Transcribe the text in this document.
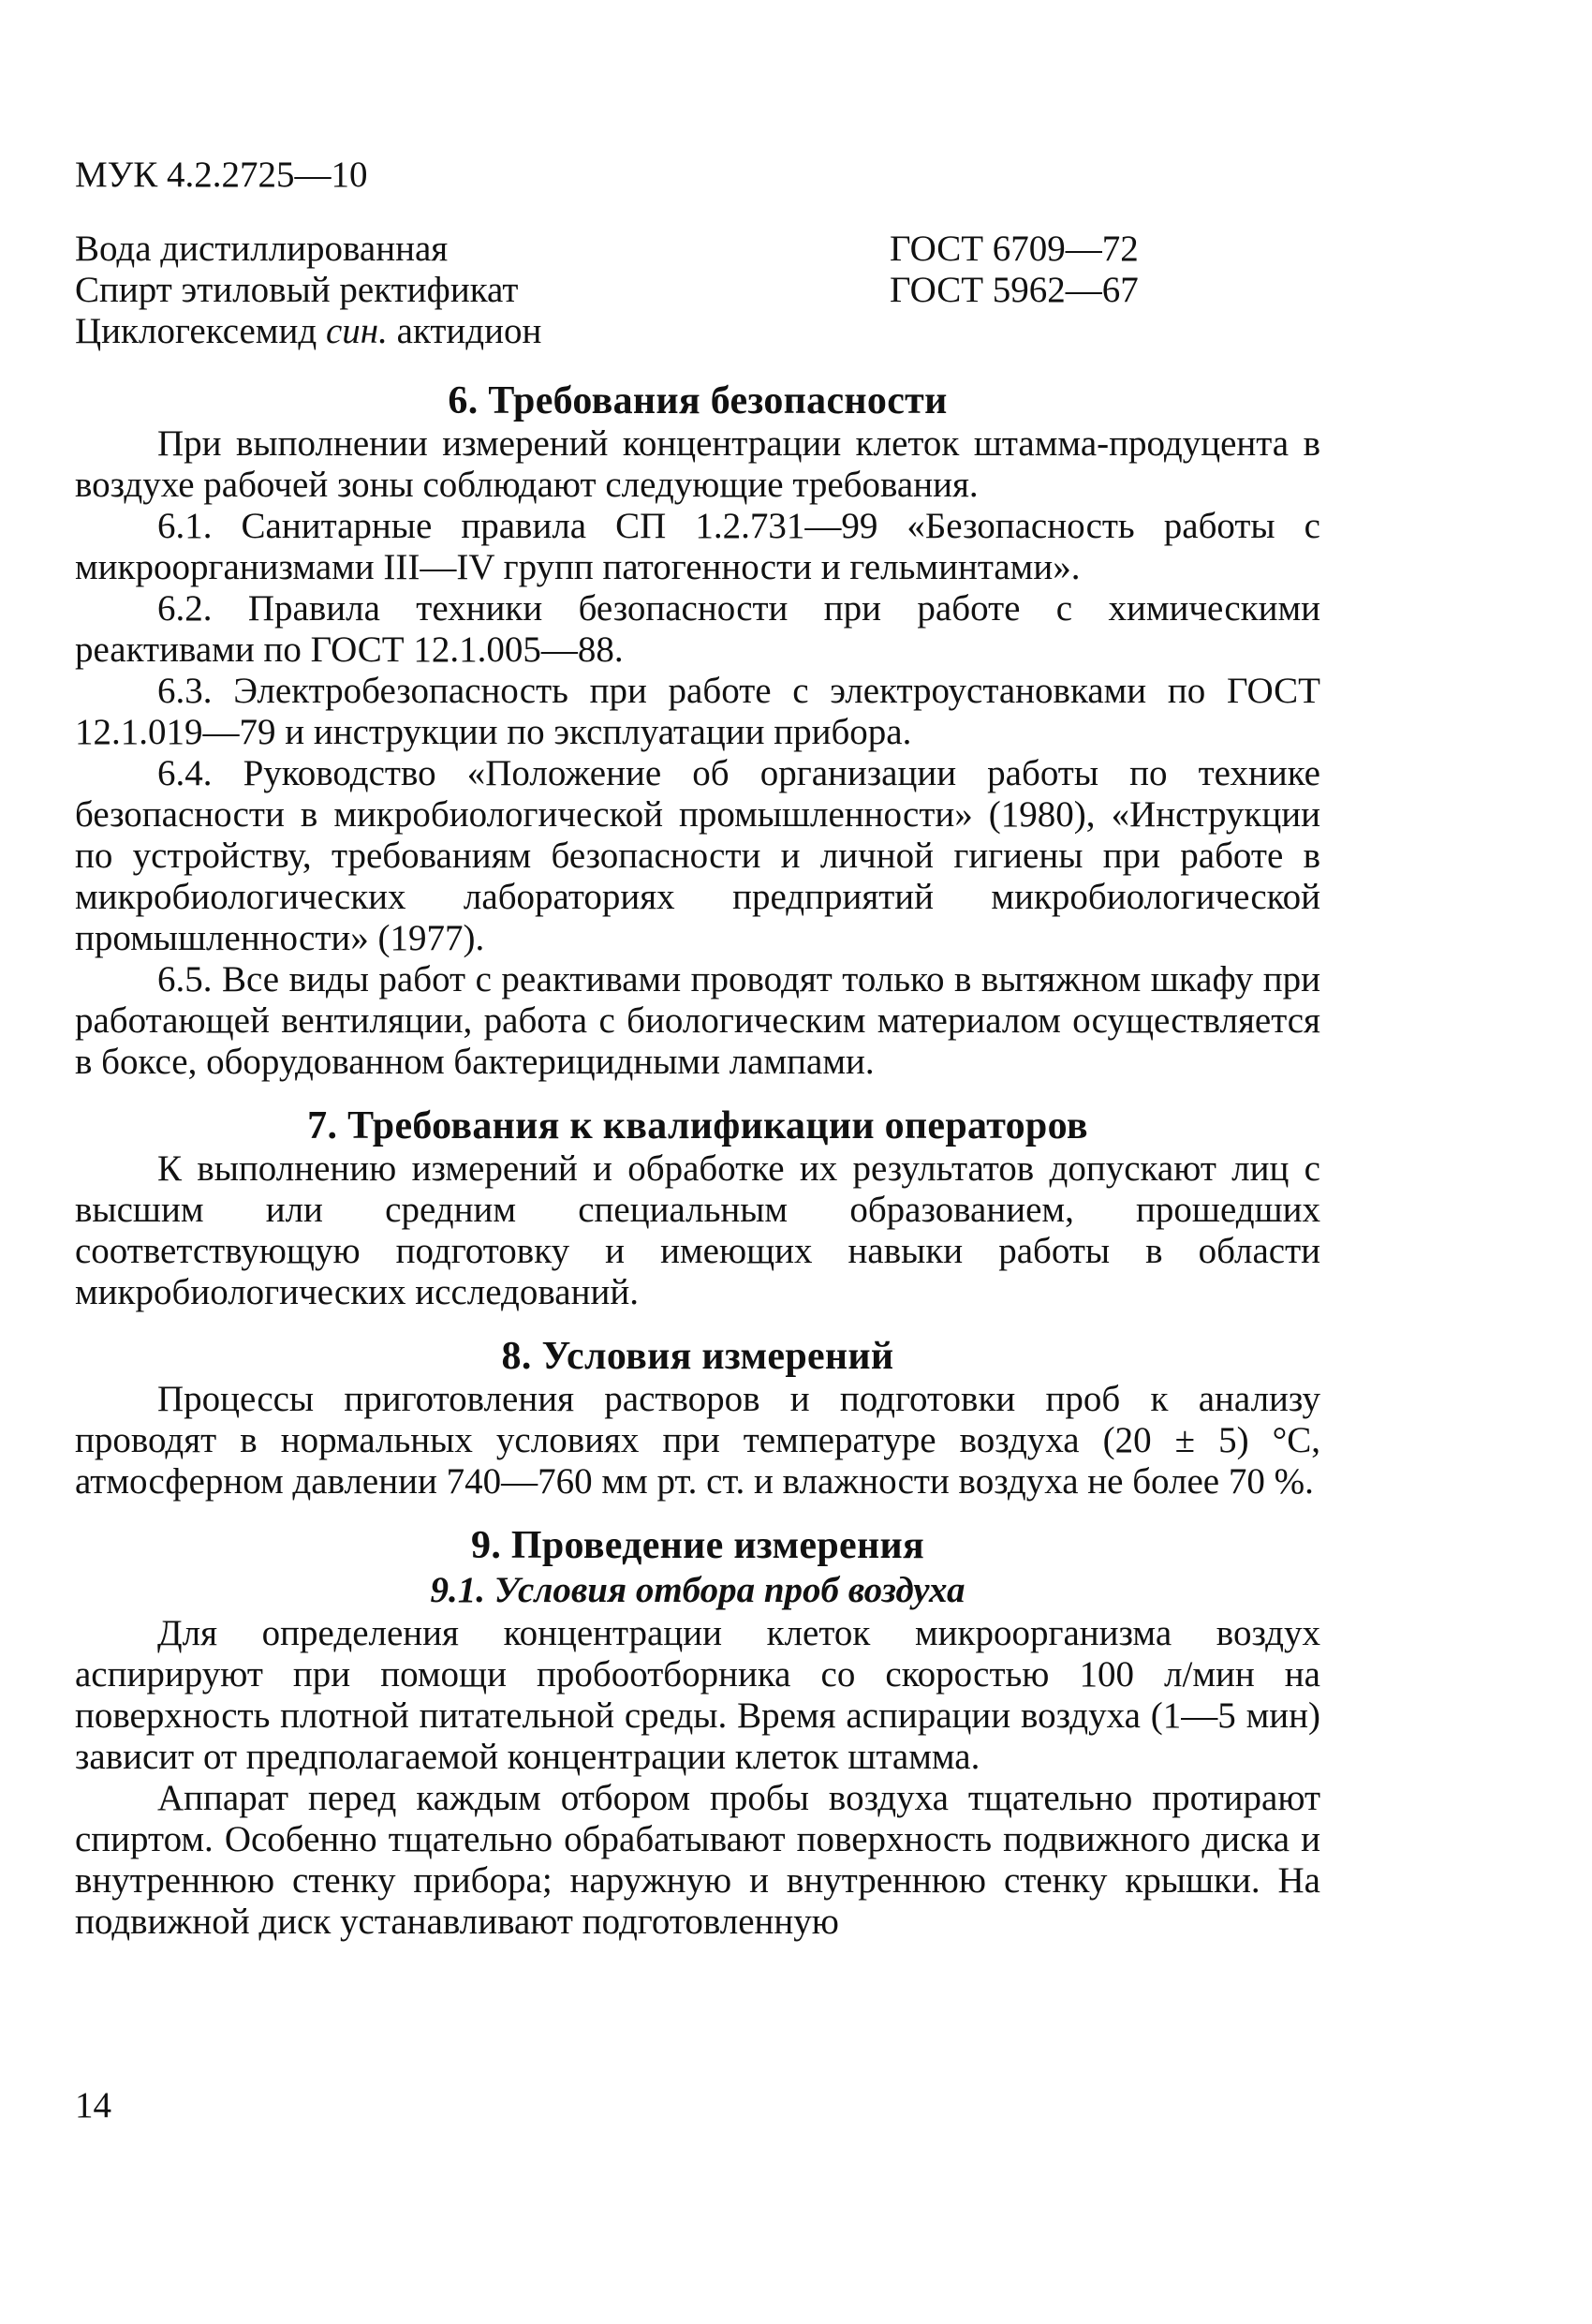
МУК 4.2.2725—10
Вода дистиллированная	ГОСТ 6709—72
Спирт этиловый ректификат	ГОСТ 5962—67
Циклогексемид син. актидион
6. Требования безопасности

При выполнении измерений концентрации клеток штамма-продуцента в воздухе рабочей зоны соблюдают следующие требования.

6.1. Санитарные правила СП 1.2.731—99 «Безопасность работы с микроорганизмами III—IV групп патогенности и гельминтами».

6.2. Правила техники безопасности при работе с химическими реактивами по ГОСТ 12.1.005—88.

6.3. Электробезопасность при работе с электроустановками по ГОСТ 12.1.019—79 и инструкции по эксплуатации прибора.

6.4. Руководство «Положение об организации работы по технике безопасности в микробиологической промышленности» (1980), «Инструкции по устройству, требованиям безопасности и личной гигиены при работе в микробиологических лабораториях предприятий микробиологической промышленности» (1977).

6.5. Все виды работ с реактивами проводят только в вытяжном шкафу при работающей вентиляции, работа с биологическим материалом осуществляется в боксе, оборудованном бактерицидными лампами.

7. Требования к квалификации операторов

К выполнению измерений и обработке их результатов допускают лиц с высшим или средним специальным образованием, прошедших соответствующую подготовку и имеющих навыки работы в области микробиологических исследований.

8. Условия измерений

Процессы приготовления растворов и подготовки проб к анализу проводят в нормальных условиях при температуре воздуха (20 ± 5) °С, атмосферном давлении 740—760 мм рт. ст. и влажности воздуха не более 70 %.

9. Проведение измерения
9.1. Условия отбора проб воздуха

Для определения концентрации клеток микроорганизма воздух аспирируют при помощи пробоотборника со скоростью 100 л/мин на поверхность плотной питательной среды. Время аспирации воздуха (1—5 мин) зависит от предполагаемой концентрации клеток штамма.

Аппарат перед каждым отбором пробы воздуха тщательно протирают спиртом. Особенно тщательно обрабатывают поверхность подвижного диска и внутреннюю стенку прибора; наружную и внутреннюю стенку крышки. На подвижной диск устанавливают подготовленную

14
